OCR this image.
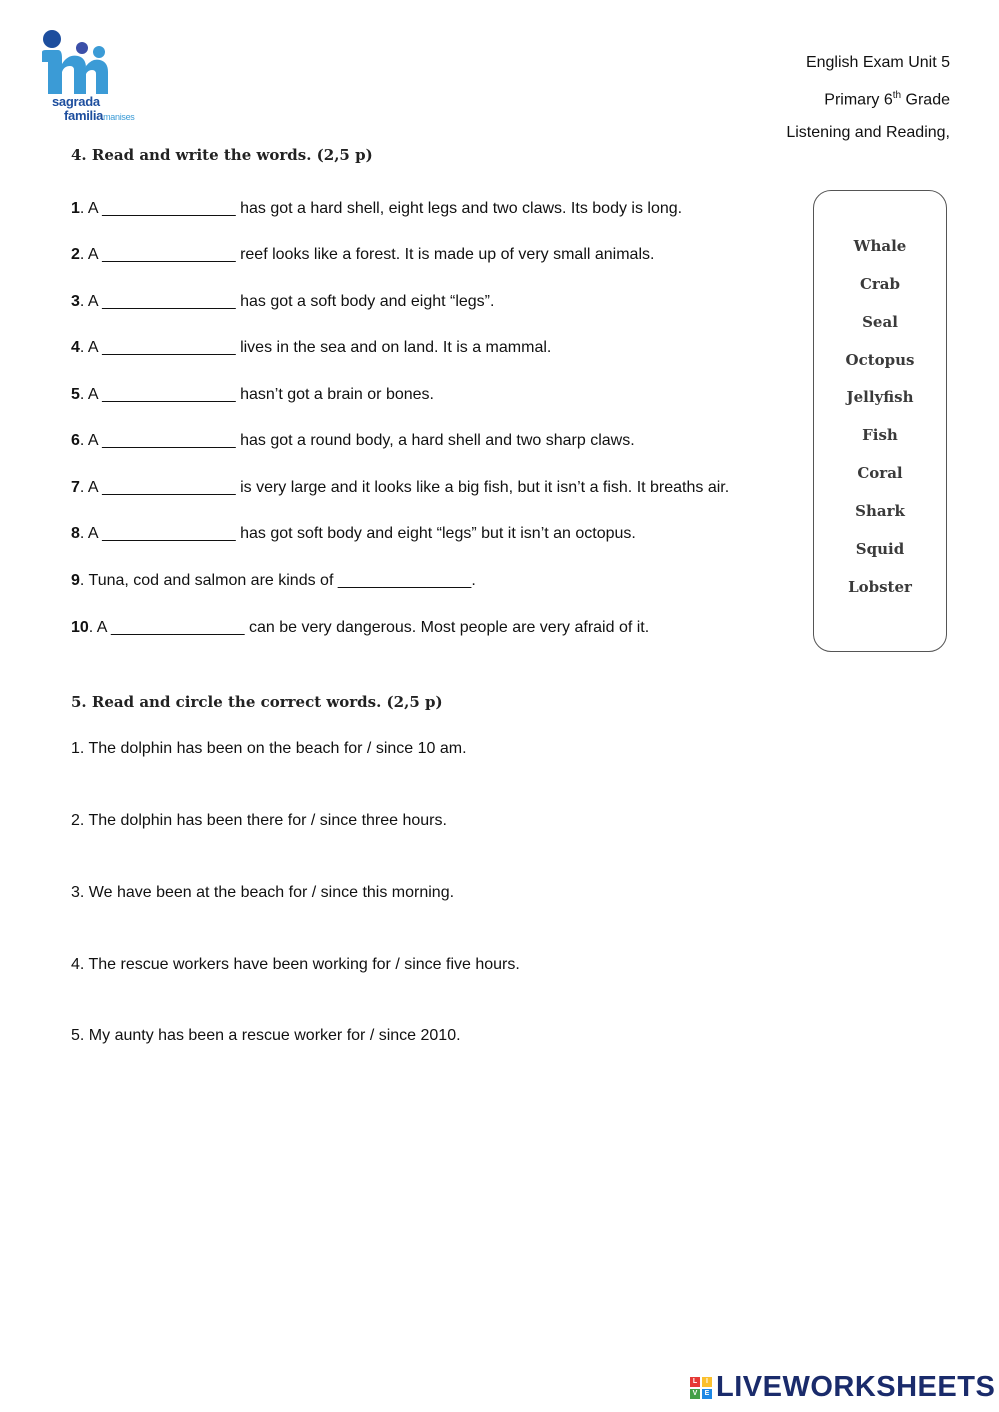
sagrada
familiamanises
English Exam Unit 5
Primary 6th Grade
Listening and Reading,
4. Read and write the words. (2,5 p)
1. A _______________ has got a hard shell, eight legs and two claws. Its body is long.
2. A _______________ reef looks like a forest. It is made up of very small animals.
3. A _______________ has got a soft body and eight “legs”.
4. A _______________ lives in the sea and on land. It is a mammal.
5. A _______________ hasn’t got a brain or bones.
6. A _______________ has got a round body, a hard shell and two sharp claws.
7. A _______________ is very large and it looks like a big fish, but it isn’t a fish. It breaths air.
8. A _______________ has got soft body and eight “legs” but it isn’t an octopus.
9. Tuna, cod and salmon are kinds of _______________.
10. A _______________ can be very dangerous. Most people are very afraid of it.
Whale
Crab
Seal
Octopus
Jellyfish
Fish
Coral
Shark
Squid
Lobster
5. Read and circle the correct words. (2,5 p)
1. The dolphin has been on the beach for / since 10 am.
2. The dolphin has been there for / since three hours.
3. We have been at the beach for / since this morning.
4. The rescue workers have been working for / since five hours.
5. My aunty has been a rescue worker for / since 2010.
L	I
V	E LIVEWORKSHEETS
